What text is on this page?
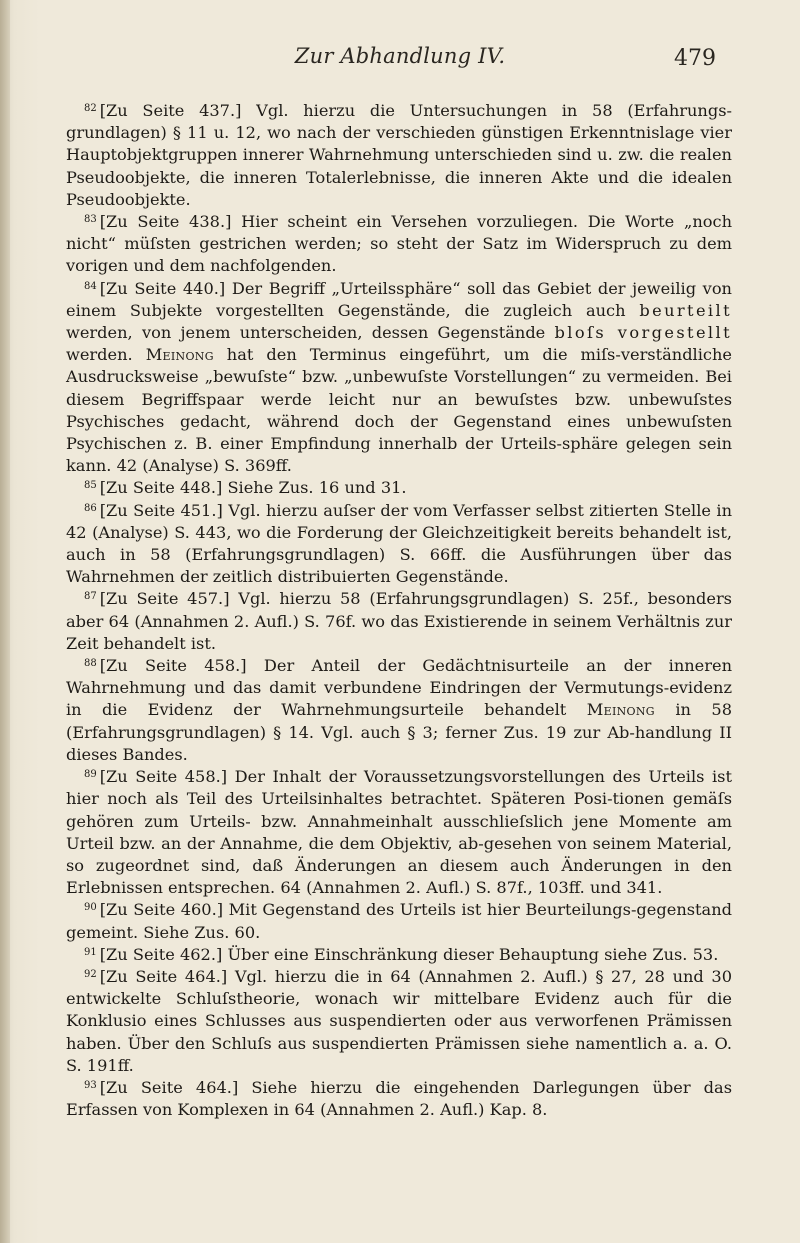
Zur Abhandlung IV.	479

$^{82}$ [Zu Seite 437.] Vgl. hierzu die Untersuchungen in 58 (Erfahrungs-grundlagen) § 11 u. 12, wo nach der verschieden günstigen Erkenntnislage vier Hauptobjektgruppen innerer Wahrnehmung unterschieden sind u. zw. die realen Pseudoobjekte, die inneren Totalerlebnisse, die inneren Akte und die idealen Pseudoobjekte.

$^{83}$ [Zu Seite 438.] Hier scheint ein Versehen vorzuliegen. Die Worte „noch nicht“ müſsten gestrichen werden; so steht der Satz im Widerspruch zu dem vorigen und dem nachfolgenden.

$^{84}$ [Zu Seite 440.] Der Begriff „Urteilssphäre“ soll das Gebiet der jeweilig von einem Subjekte vorgestellten Gegenstände, die zugleich auch beurteilt werden, von jenem unterscheiden, dessen Gegenstände bloſs vorgestellt werden. Meinong hat den Terminus eingeführt, um die miſs-verständliche Ausdrucksweise „bewuſste“ bzw. „unbewuſste Vorstellungen“ zu vermeiden. Bei diesem Begriffspaar werde leicht nur an bewuſstes bzw. unbewuſstes Psychisches gedacht, während doch der Gegenstand eines unbewuſsten Psychischen z. B. einer Empfindung innerhalb der Urteils-sphäre gelegen sein kann. 42 (Analyse) S. 369ff.

$^{85}$ [Zu Seite 448.] Siehe Zus. 16 und 31.

$^{86}$ [Zu Seite 451.] Vgl. hierzu auſser der vom Verfasser selbst zitierten Stelle in 42 (Analyse) S. 443, wo die Forderung der Gleichzeitigkeit bereits behandelt ist, auch in 58 (Erfahrungsgrundlagen) S. 66ff. die Ausführungen über das Wahrnehmen der zeitlich distribuierten Gegenstände.

$^{87}$ [Zu Seite 457.] Vgl. hierzu 58 (Erfahrungsgrundlagen) S. 25f., besonders aber 64 (Annahmen 2. Aufl.) S. 76f. wo das Existierende in seinem Verhältnis zur Zeit behandelt ist.

$^{88}$ [Zu Seite 458.] Der Anteil der Gedächtnisurteile an der inneren Wahrnehmung und das damit verbundene Eindringen der Vermutungs-evidenz in die Evidenz der Wahrnehmungsurteile behandelt Meinong in 58 (Erfahrungsgrundlagen) § 14. Vgl. auch § 3; ferner Zus. 19 zur Ab-handlung II dieses Bandes.

$^{89}$ [Zu Seite 458.] Der Inhalt der Voraussetzungsvorstellungen des Urteils ist hier noch als Teil des Urteilsinhaltes betrachtet. Späteren Posi-tionen gemäſs gehören zum Urteils- bzw. Annahmeinhalt ausschlieſslich jene Momente am Urteil bzw. an der Annahme, die dem Objektiv, ab-gesehen von seinem Material, so zugeordnet sind, daß Änderungen an diesem auch Änderungen in den Erlebnissen entsprechen. 64 (Annahmen 2. Aufl.) S. 87f., 103ff. und 341.

$^{90}$ [Zu Seite 460.] Mit Gegenstand des Urteils ist hier Beurteilungs-gegenstand gemeint. Siehe Zus. 60.

$^{91}$ [Zu Seite 462.] Über eine Einschränkung dieser Behauptung siehe Zus. 53.

$^{92}$ [Zu Seite 464.] Vgl. hierzu die in 64 (Annahmen 2. Aufl.) § 27, 28 und 30 entwickelte Schluſstheorie, wonach wir mittelbare Evidenz auch für die Konklusio eines Schlusses aus suspendierten oder aus verworfenen Prämissen haben. Über den Schluſs aus suspendierten Prämissen siehe namentlich a. a. O. S. 191ff.

$^{93}$ [Zu Seite 464.] Siehe hierzu die eingehenden Darlegungen über das Erfassen von Komplexen in 64 (Annahmen 2. Aufl.) Kap. 8.
